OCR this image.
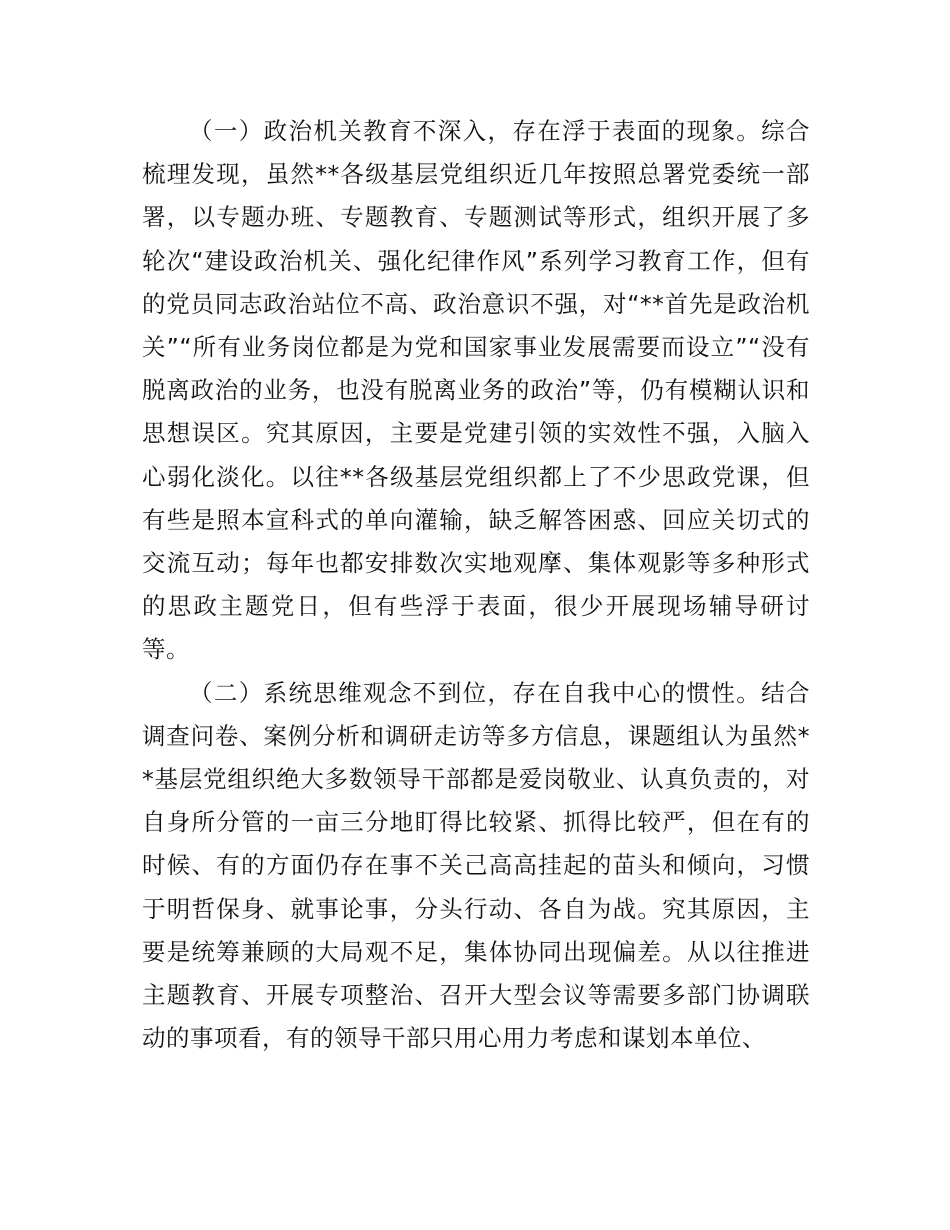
（一）政治机关教育不深入，存在浮于表面的现象。综合梳理发现，虽然**各级基层党组织近几年按照总署党委统一部署，以专题办班、专题教育、专题测试等形式，组织开展了多轮次“建设政治机关、强化纪律作风”系列学习教育工作，但有的党员同志政治站位不高、政治意识不强，对“**首先是政治机关”“所有业务岗位都是为党和国家事业发展需要而设立”“没有脱离政治的业务，也没有脱离业务的政治”等，仍有模糊认识和思想误区。究其原因，主要是党建引领的实效性不强，入脑入心弱化淡化。以往**各级基层党组织都上了不少思政党课，但有些是照本宣科式的单向灌输，缺乏解答困惑、回应关切式的交流互动；每年也都安排数次实地观摩、集体观影等多种形式的思政主题党日，但有些浮于表面，很少开展现场辅导研讨等。

（二）系统思维观念不到位，存在自我中心的惯性。结合调查问卷、案例分析和调研走访等多方信息，课题组认为虽然**基层党组织绝大多数领导干部都是爱岗敬业、认真负责的，对自身所分管的一亩三分地盯得比较紧、抓得比较严，但在有的时候、有的方面仍存在事不关己高高挂起的苗头和倾向，习惯于明哲保身、就事论事，分头行动、各自为战。究其原因，主要是统筹兼顾的大局观不足，集体协同出现偏差。从以往推进主题教育、开展专项整治、召开大型会议等需要多部门协调联动的事项看，有的领导干部只用心用力考虑和谋划本单位、
